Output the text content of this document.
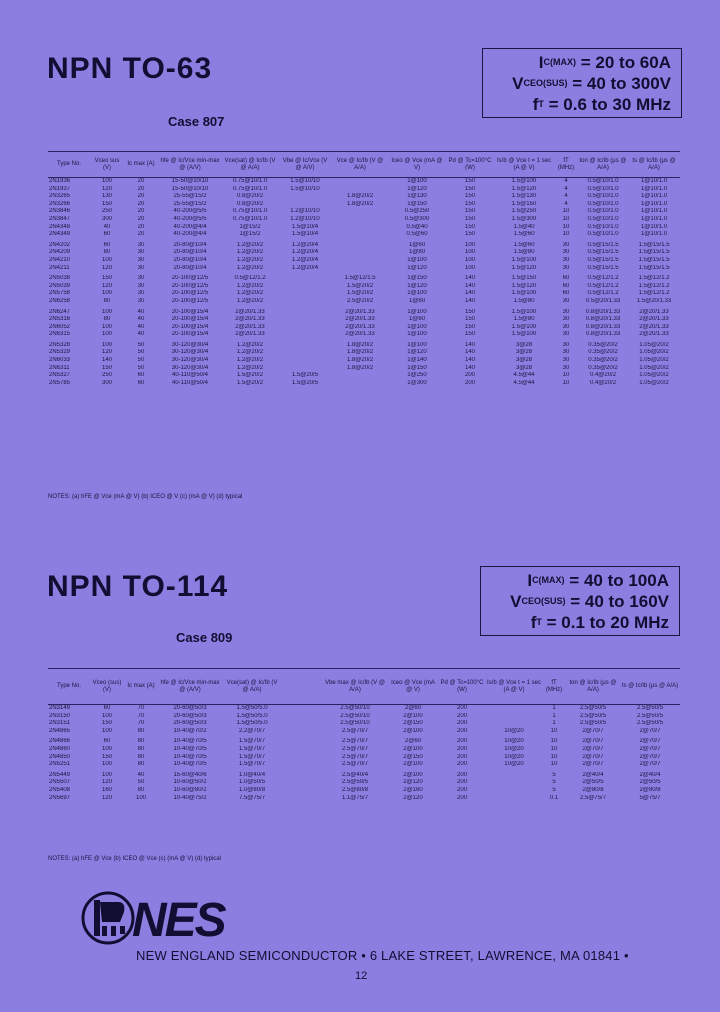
NPN TO-63
Case 807
I C(MAX)
= 20 to 60A
V CEO(SUS)
= 40 to 300V
f T
= 0.6 to 30 MHz
Type No.	Vceo sus (V)	Ic max (A)	hfe @ Ic/Vce min-max @ (A/V)	Vce(sat) @ Ic/Ib (V @ A/A)	Vbe @ Ic/Vce (V @ A/V)	Vce @ Ic/Ib (V @ A/A)	Iceo @ Vce (mA @ V)	Pd @ Tc=100°C (W)	Is/b @ Vce t = 1 sec (A @ V)	fT (MHz)	ton @ Ic/Ib (μs @ A/A)	ts @ Ic/Ib (μs @ A/A)
2N1936	100	20	15-50@10/10	0.75@10/1.0	1.5@10/10		1@100	150	1.5@100	4	0.5@10/1.0	1@10/1.0
2N1937	120	20	15-50@10/10	0.75@10/1.0	1.5@10/10		1@120	150	1.5@120	4	0.5@10/1.0	1@10/1.0
2N3265	130	20	25-55@15/2	0.8@20/2		1.8@20/2	1@130	150	1.5@130	4	0.5@10/1.0	1@10/1.0
2N3266	150	20	25-55@15/2	0.8@20/2		1.8@20/2	1@150	150	1.5@150	4	0.5@10/1.0	1@10/1.0
2N3846	250	20	40-200@5/5	0.75@10/1.0	1.2@10/10		0.5@250	150	1.5@250	10	0.5@10/1.0	1@10/1.0
2N3847	300	20	40-200@5/5	0.75@10/1.0	1.2@10/10		0.5@300	150	1.5@300	10	0.5@10/1.0	1@10/1.0
2N4348	40	20	40-200@4/4	1@15/2	1.5@10/4		0.5@40	150	1.5@40	10	0.5@10/1.0	1@10/1.0
2N4349	60	20	40-200@4/4	1@15/2	1.5@10/4		0.5@60	150	1.5@60	10	0.5@10/1.0	1@10/1.0

2N4202	60	30	20-80@10/4	1.2@20/2	1.2@20/4		1@60	100	1.5@60	30	0.5@15/1.5	1.5@15/1.5
2N4209	80	30	20-80@10/4	1.2@20/2	1.2@20/4		1@80	100	1.5@80	30	0.5@15/1.5	1.5@15/1.5
2N4210	100	30	20-80@10/4	1.2@20/2	1.2@20/4		1@100	100	1.5@100	30	0.5@15/1.5	1.5@15/1.5
2N4211	120	30	20-80@10/4	1.2@20/2	1.2@20/4		1@120	100	1.5@120	30	0.5@15/1.5	1.5@15/1.5

2N5038	150	30	20-100@12/5	0.5@12/1.2		1.5@12/1.5	1@150	140	1.5@150	60	0.5@12/1.2	1.5@12/1.2
2N5039	120	30	20-100@12/5	1.2@20/2		1.5@20/2	1@120	140	1.5@120	60	0.5@12/1.2	1.5@12/1.2
2N5758	100	30	20-100@12/5	1.2@20/2		1.5@20/2	1@100	140	1.5@100	60	0.5@12/1.2	1.5@12/1.2
2N6258	80	30	20-100@12/5	1.2@20/2		2.5@20/2	1@80	140	1.5@80	30	0.5@20/1.33	1.5@20/1.33

2N6247	100	40	20-100@15/4	2@20/1.33		2@20/1.33	1@100	150	1.5@100	30	0.8@20/1.33	2@20/1.33
2N5316	80	40	20-100@15/4	2@20/1.33		2@20/1.33	1@80	150	1.5@80	30	0.8@20/1.33	2@20/1.33
2N6052	100	40	20-100@15/4	2@20/1.33		2@20/1.33	1@100	150	1.5@100	30	0.8@20/1.33	2@20/1.33
2N6315	100	40	20-100@15/4	2@20/1.33		2@20/1.33	1@100	150	1.5@100	30	0.8@20/1.33	2@20/1.33

2N5328	100	50	30-120@30/4	1.2@20/2		1.8@20/2	1@100	140	3@28	30	0.35@20/2	1.05@20/2
2N5329	120	50	30-120@30/4	1.2@20/2		1.8@20/2	1@120	140	3@28	30	0.35@20/2	1.05@20/2
2N6033	140	50	30-120@30/4	1.2@20/2		1.8@20/2	1@140	140	3@28	30	0.35@20/2	1.05@20/2
2N6311	150	50	30-120@30/4	1.2@20/2		1.8@20/2	1@150	140	3@28	30	0.35@20/2	1.05@20/2
2N5327	250	60	40-110@50/4	1.5@20/2	1.5@20/5		1@250	200	4.5@44	10	0.4@20/2	1.05@20/2
2N5785	300	60	40-110@50/4	1.5@20/2	1.5@20/5		1@300	200	4.5@44	10	0.4@20/2	1.05@20/2
NOTES: (a) hFE @ Vce (mA @ V) (b) ICEO @ V (c) (mA @ V) (d) typical
NPN TO-114
Case 809
I C(MAX)
= 40 to 100A
V CEO(SUS)
= 40 to 160V
f T
= 0.1 to 20 MHz
Type No.	Vceo (sus) (V)	Ic max (A)	hfe @ Ic/Vce min-max @ (A/V)	Vce(sat) @ Ic/Ib (V @ A/A)		Vbe max @ Ic/Ib (V @ A/A)	Iceo @ Vce (mA @ V)	Pd @ Tc=100°C (W)	Is/b @ Vce t = 1 sec (A @ V)	fT (MHz)	ton @ Ic/Ib (μs @ A/A)	ts @ Ic/Ib (μs @ A/A)
2N3149	60	70	20-60@50/3	1.5@50/5.0		2.5@50/10	2@60	200		1	2.5@50/5	2.5@50/5
2N3150	100	70	20-60@50/3	1.5@50/5.0		2.5@50/10	2@100	200		1	2.5@50/5	2.5@50/5
2N3151	150	70	20-60@50/3	1.5@50/5.0		2.5@50/10	2@150	200		1	2.5@50/5	2.5@50/5
2N4865	100	80	10-40@70/2	2.2@70/7		2.5@70/7	2@100	200	10@20	10	2@70/7	2@70/7

2N4866	60	80	10-40@70/5	1.5@70/7		2.5@70/7	2@60	200	10@20	10	2@70/7	2@70/7
2N4860	100	80	10-40@70/5	1.5@70/7		2.5@70/7	2@100	200	10@20	10	2@70/7	2@70/7
2N4850	150	80	10-40@70/5	1.5@70/7		2.5@70/7	2@150	200	10@20	10	2@70/7	2@70/7
2N5251	100	80	10-40@70/5	1.5@70/7		2.5@70/7	2@100	200	10@20	10	2@70/7	2@70/7

2N5449	100	40	15-60@40/6	1.0@40/4		2.5@40/4	2@100	200		5	2@40/4	2@40/4
2N5507	120	50	10-60@50/2	1.0@50/5		2.5@50/5	2@120	200		5	2@50/5	2@50/5
2N5408	160	80	10-60@80/2	1.0@80/8		2.5@80/8	2@160	200		5	2@80/8	2@80/8
2N5697	120	100	10-40@75/2	7.5@75/7		1.1@75/7	2@120	200		0.1	2.5@75/7	5@75/7
NOTES: (a) hFE @ Vce (b) ICEO @ Vce (c) (mA @ V) (d) typical
NES
NEW ENGLAND SEMICONDUCTOR • 6 LAKE STREET, LAWRENCE, MA 01841 •
12
